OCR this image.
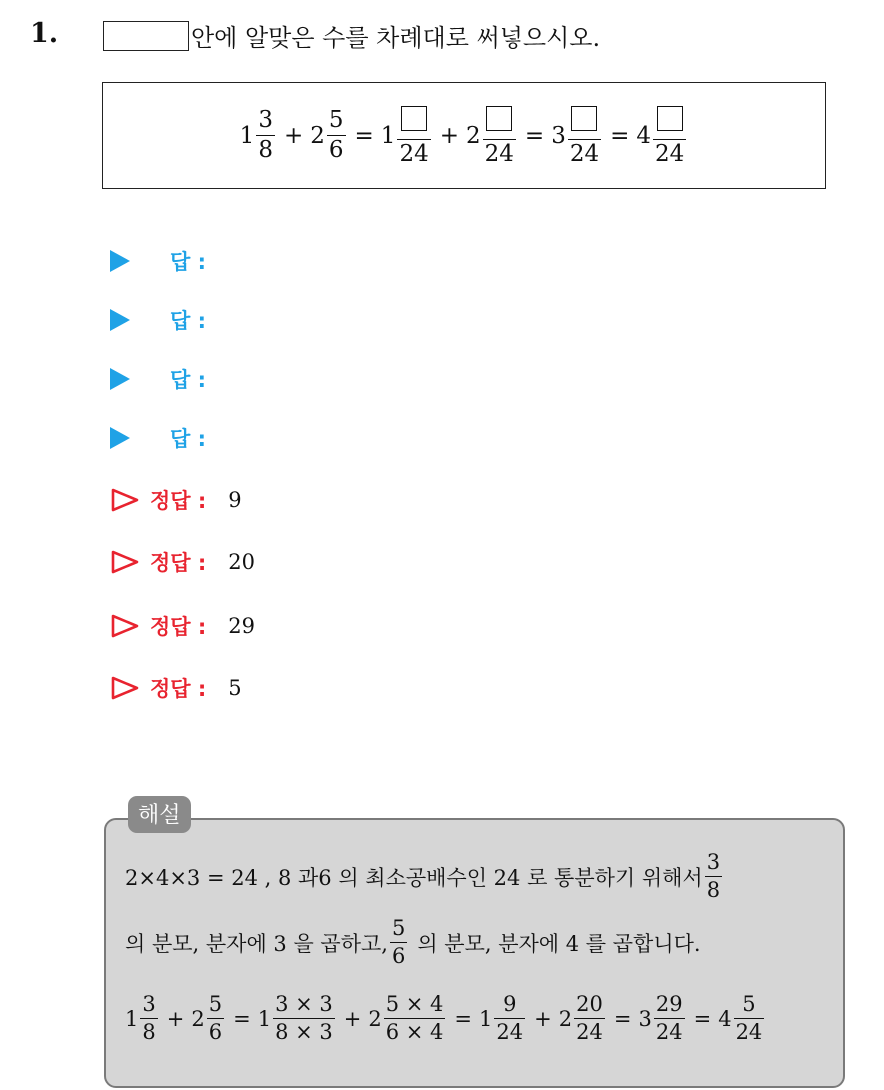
1.	안에 알맞은 수를 차례대로 써넣으시오.
$1 \frac{3}{8} + 2 \frac{5}{6} = 1$
24
+ 2
24
= 3
24
= 4
24
답 :
답 :
답 :
답 :
정답 : 9
정답 : 20
정답 : 29
정답 : 5
해설
2×4×3 = 24 , 8 과6 의 최소공배수인 24 로 통분하기 위해서 $\frac{3}{8}$
의 분모, 분자에 3 을 곱하고, $\frac{5}{6}$ 의 분모, 분자에 4 를 곱합니다.
$1 \frac{3}{8} + 2 \frac{5}{6} = 1 \frac{3 \times 3}{8 \times 3} + 2 \frac{5 \times 4}{6 \times 4} = 1 \frac{9}{24} + 2 \frac{20}{24} = 3 \frac{29}{24} = 4 \frac{5}{24}$
